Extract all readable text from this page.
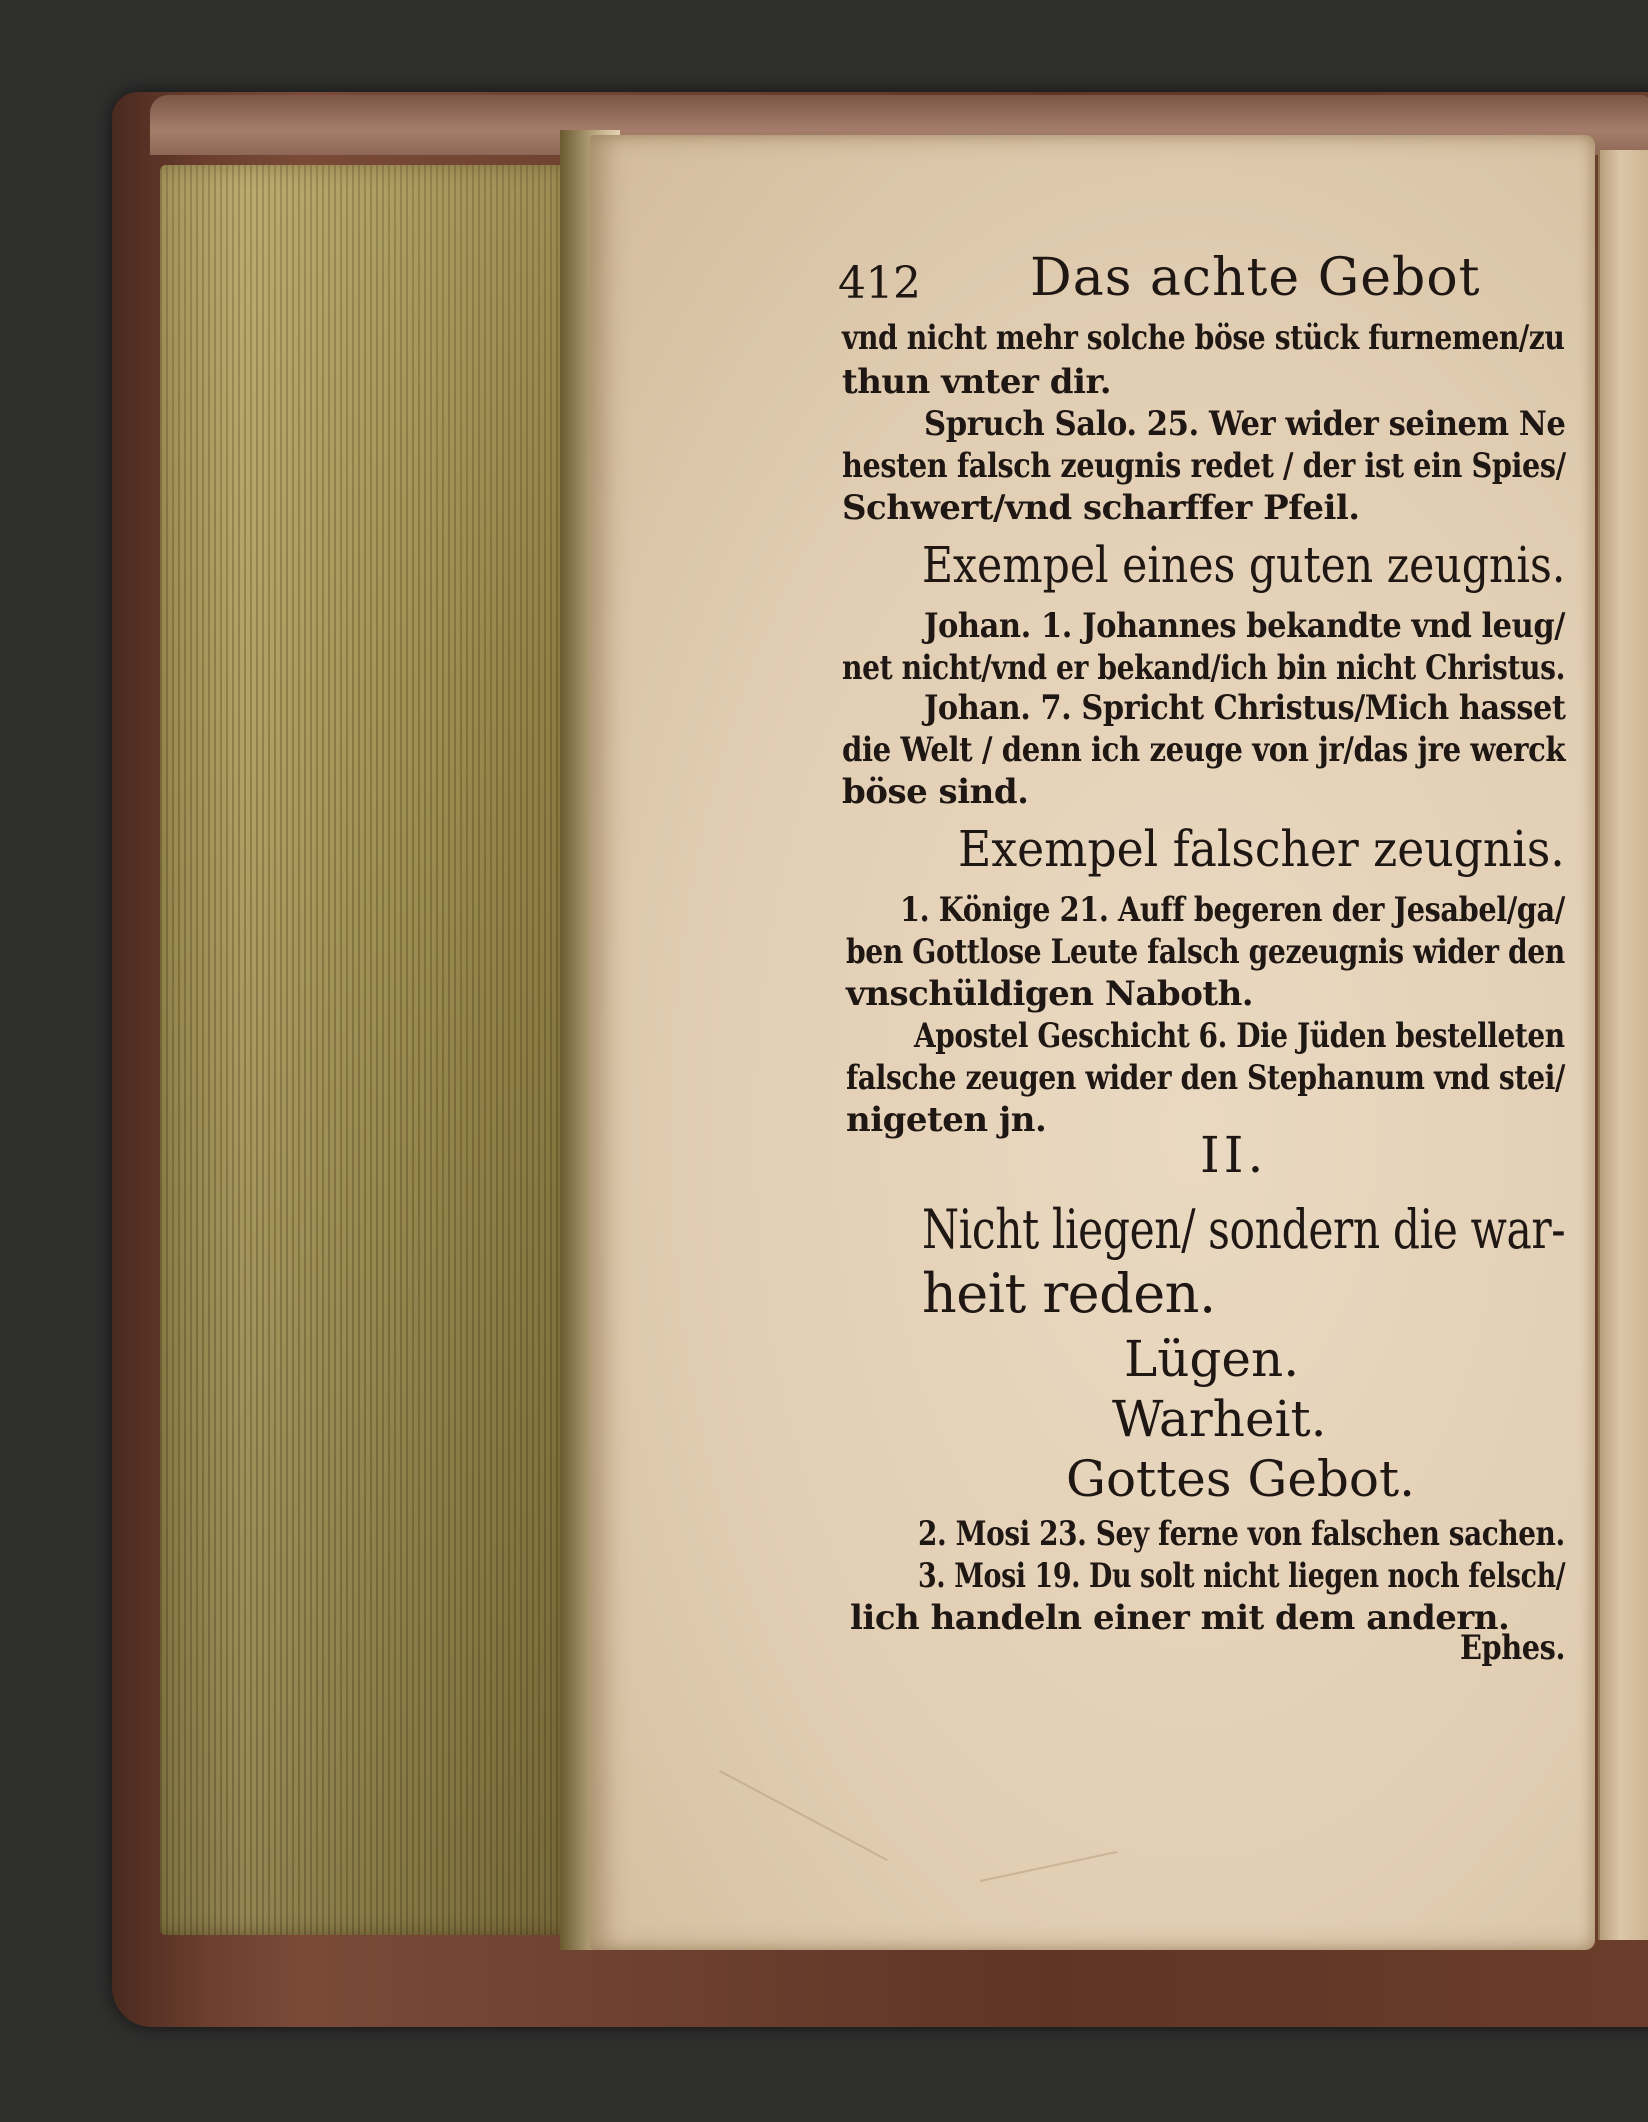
412 Das achte Gebot
vnd nicht mehr solche böse stück furnemen/zu
thun vnter dir.
Spruch Salo. 25. Wer wider seinem Ne
hesten falsch zeugnis redet / der ist ein Spies/
Schwert/vnd scharffer Pfeil.
Exempel eines guten zeugnis.
Johan. 1. Johannes bekandte vnd leug/
net nicht/vnd er bekand/ich bin nicht Christus.
Johan. 7. Spricht Christus/Mich hasset
die Welt / denn ich zeuge von jr/das jre werck
böse sind.
Exempel falscher zeugnis.
1. Könige 21. Auff begeren der Jesabel/ga/
ben Gottlose Leute falsch gezeugnis wider den
vnschüldigen Naboth.
Apostel Geschicht 6. Die Jüden bestelleten
falsche zeugen wider den Stephanum vnd stei/
nigeten jn.
II.
Nicht liegen/ sondern die war-
heit reden.
Lügen.
Warheit.
Gottes Gebot.
2. Mosi 23. Sey ferne von falschen sachen.
3. Mosi 19. Du solt nicht liegen noch felsch/
lich handeln einer mit dem andern.
Ephes.
